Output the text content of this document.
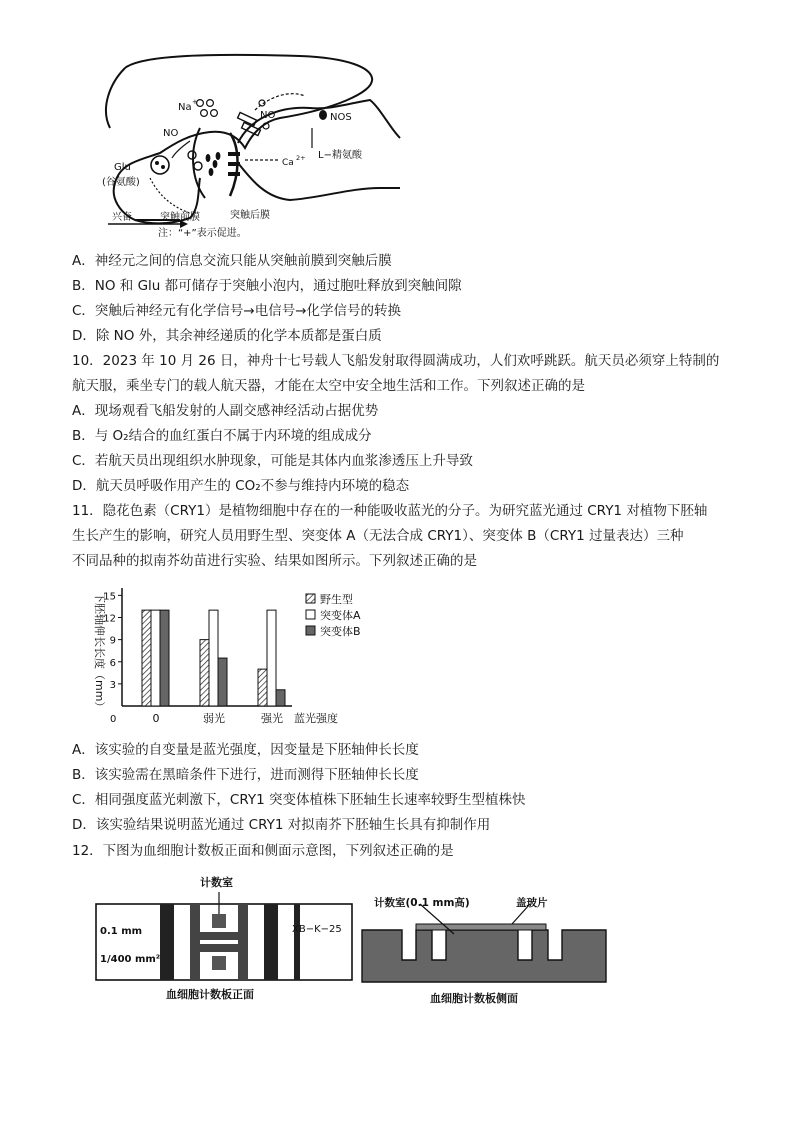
Na +
NO	NOS
NO
L−精氨酸
Ca 2+
Glu
(谷氨酸)
兴奋	突触前膜	突触后膜
注：“+”表示促进。
A．神经元之间的信息交流只能从突触前膜到突触后膜
B．NO 和 Glu 都可储存于突触小泡内，通过胞吐释放到突触间隙
C．突触后神经元有化学信号→电信号→化学信号的转换
D．除 NO 外，其余神经递质的化学本质都是蛋白质
10．2023 年 10 月 26 日，神舟十七号载人飞船发射取得圆满成功，人们欢呼跳跃。航天员必须穿上特制的
航天服，乘坐专门的载人航天器，才能在太空中安全地生活和工作。下列叙述正确的是
A．现场观看飞船发射的人副交感神经活动占据优势
B．与 O₂结合的血红蛋白不属于内环境的组成成分
C．若航天员出现组织水肿现象，可能是其体内血浆渗透压上升导致
D．航天员呼吸作用产生的 CO₂不参与维持内环境的稳态
11．隐花色素（CRY1）是植物细胞中存在的一种能吸收蓝光的分子。为研究蓝光通过 CRY1 对植物下胚轴
生长产生的影响，研究人员用野生型、突变体 A（无法合成 CRY1）、突变体 B（CRY1 过量表达）三种
不同品种的拟南芥幼苗进行实验、结果如图所示。下列叙述正确的是
下胚轴伸长长度（mm） 3
6
9
12
15
0	0	弱光	强光 蓝光强度
野生型
突变体A
突变体B
A．该实验的自变量是蓝光强度，因变量是下胚轴伸长长度
B．该实验需在黑暗条件下进行，进而测得下胚轴伸长长度
C．相同强度蓝光刺激下，CRY1 突变体植株下胚轴生长速率较野生型植株快
D．该实验结果说明蓝光通过 CRY1 对拟南芥下胚轴生长具有抑制作用
12．下图为血细胞计数板正面和侧面示意图，下列叙述正确的是
计数室
0.1 mm
1/400 mm²
XB−K−25
血细胞计数板正面
计数室(0.1 mm高)	盖玻片
血细胞计数板侧面
